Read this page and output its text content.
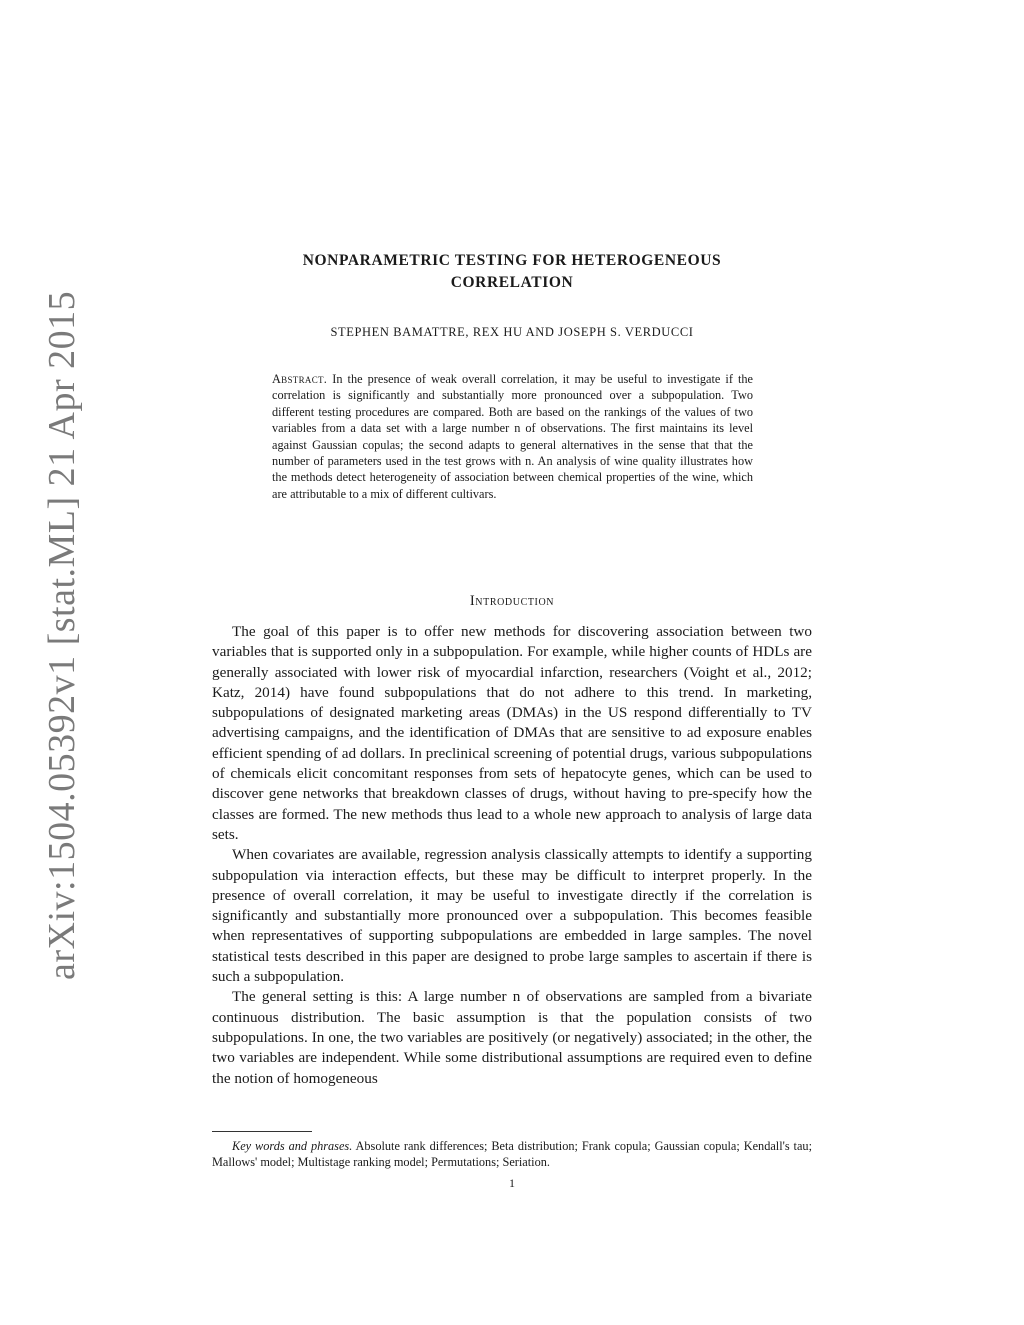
arXiv:1504.05392v1 [stat.ML] 21 Apr 2015
NONPARAMETRIC TESTING FOR HETEROGENEOUS
CORRELATION
STEPHEN BAMATTRE, REX HU AND JOSEPH S. VERDUCCI
Abstract. In the presence of weak overall correlation, it may be useful to investigate if the correlation is significantly and substantially more pronounced over a subpopulation. Two different testing procedures are compared. Both are based on the rankings of the values of two variables from a data set with a large number n of observations. The first maintains its level against Gaussian copulas; the second adapts to general alternatives in the sense that that the number of parameters used in the test grows with n. An analysis of wine quality illustrates how the methods detect heterogeneity of association between chemical properties of the wine, which are attributable to a mix of different cultivars.
Introduction

The goal of this paper is to offer new methods for discovering association between two variables that is supported only in a subpopulation. For example, while higher counts of HDLs are generally associated with lower risk of myocardial infarction, researchers (Voight et al., 2012; Katz, 2014) have found subpopulations that do not adhere to this trend. In marketing, subpopulations of designated marketing areas (DMAs) in the US respond differentially to TV advertising campaigns, and the identification of DMAs that are sensitive to ad exposure enables efficient spending of ad dollars. In preclinical screening of potential drugs, various subpopulations of chemicals elicit concomitant responses from sets of hepatocyte genes, which can be used to discover gene networks that breakdown classes of drugs, without having to pre-specify how the classes are formed. The new methods thus lead to a whole new approach to analysis of large data sets.

When covariates are available, regression analysis classically attempts to identify a supporting subpopulation via interaction effects, but these may be difficult to interpret properly. In the presence of overall correlation, it may be useful to investigate directly if the correlation is significantly and substantially more pronounced over a subpopulation. This becomes feasible when representatives of supporting subpopulations are embedded in large samples. The novel statistical tests described in this paper are designed to probe large samples to ascertain if there is such a subpopulation.

The general setting is this: A large number n of observations are sampled from a bivariate continuous distribution. The basic assumption is that the population consists of two subpopulations. In one, the two variables are positively (or negatively) associated; in the other, the two variables are independent. While some distributional assumptions are required even to define the notion of homogeneous

Key words and phrases. Absolute rank differences; Beta distribution; Frank copula; Gaussian copula; Kendall's tau; Mallows' model; Multistage ranking model; Permutations; Seriation.
1
